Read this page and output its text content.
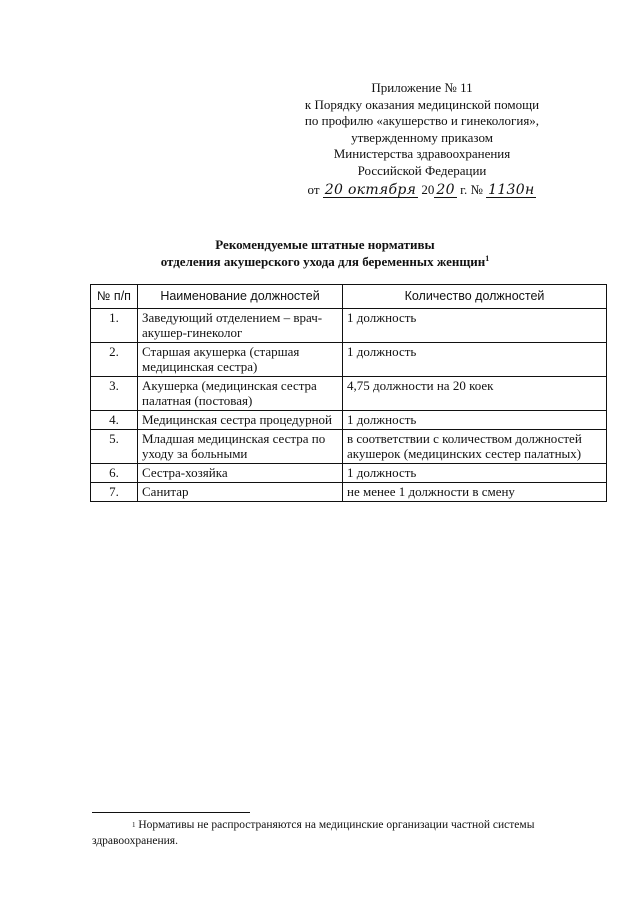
Приложение № 11
к Порядку оказания медицинской помощи
по профилю «акушерство и гинекология»,
утвержденному приказом
Министерства здравоохранения
Российской Федерации
от 20 октября 20 20 г. № 1130н
Рекомендуемые штатные нормативы
отделения акушерского ухода для беременных женщин$^1$
№ п/п	Наименование должностей	Количество должностей
1.	Заведующий отделением – врач-акушер-гинеколог	1 должность
2.	Старшая акушерка (старшая медицинская сестра)	1 должность
3.	Акушерка (медицинская сестра палатная (постовая)	4,75 должности на 20 коек
4.	Медицинская сестра процедурной	1 должность
5.	Младшая медицинская сестра по уходу за больными	в соответствии с количеством должностей акушерок (медицинских сестер палатных)
6.	Сестра-хозяйка	1 должность
7.	Санитар	не менее 1 должности в смену
$^1$ Нормативы не распространяются на медицинские организации частной системы здравоохранения.
